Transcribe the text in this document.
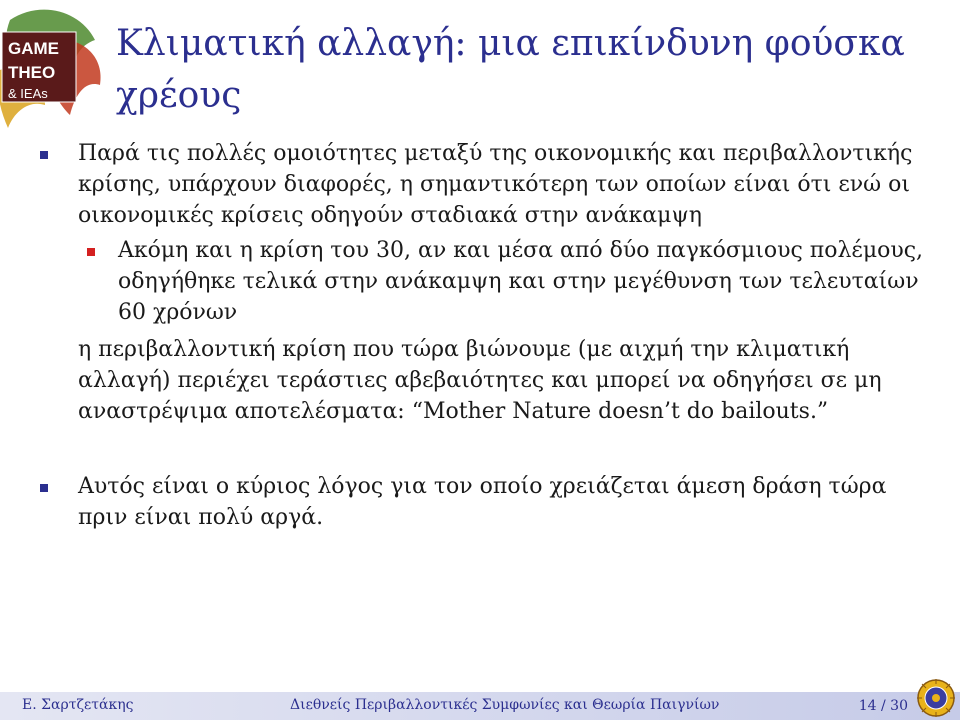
GAME
THEO
& IEAs
Κλιματική αλλαγή: μια επικίνδυνη φούσκα χρέους
Παρά τις πολλές ομοιότητες μεταξύ της οικονομικής και περιβαλλοντικής κρίσης, υπάρχουν διαφορές, η σημαντικότερη των οποίων είναι ότι ενώ οι οικονομικές κρίσεις οδηγούν σταδιακά στην ανάκαμψη
Ακόμη και η κρίση του 30, αν και μέσα από δύο παγκόσμιους πολέμους, οδηγήθηκε τελικά στην ανάκαμψη και στην μεγέθυνση των τελευταίων 60 χρόνων
η περιβαλλοντική κρίση που τώρα βιώνουμε (με αιχμή την κλιματική αλλαγή) περιέχει τεράστιες αβεβαιότητες και μπορεί να οδηγήσει σε μη αναστρέψιμα αποτελέσματα: “Mother Nature doesn’t do bailouts.”
Αυτός είναι ο κύριος λόγος για τον οποίο χρειάζεται άμεση δράση τώρα πριν είναι πολύ αργά.
Ε. Σαρτζετάκης	Διεθνείς Περιβαλλοντικές Συμφωνίες και Θεωρία Παιγνίων	14 / 30
